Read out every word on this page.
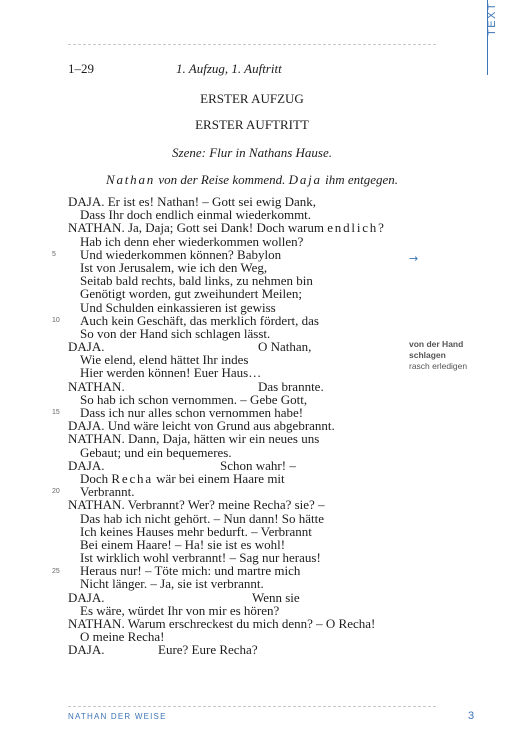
TEXT
1–29	1. Aufzug, 1. Auftritt
ERSTER AUFZUG
ERSTER AUFTRITT
Szene: Flur in Nathans Hause.
Nathan von der Reise kommend. Daja ihm entgegen.
DAJA. Er ist es! Nathan! – Gott sei ewig Dank,
Dass Ihr doch endlich einmal wiederkommt.
NATHAN. Ja, Daja; Gott sei Dank! Doch warum endlich?
Hab ich denn eher wiederkommen wollen?
Und wiederkommen können? Babylon
Ist von Jerusalem, wie ich den Weg,
Seitab bald rechts, bald links, zu nehmen bin
Genötigt worden, gut zweihundert Meilen;
Und Schulden einkassieren ist gewiss
Auch kein Geschäft, das merklich fördert, das
So von der Hand sich schlagen lässt.
DAJA.	O Nathan,
Wie elend, elend hättet Ihr indes
Hier werden können! Euer Haus…
NATHAN.	Das brannte.
So hab ich schon vernommen. – Gebe Gott,
Dass ich nur alles schon vernommen habe!
DAJA. Und wäre leicht von Grund aus abgebrannt.
NATHAN. Dann, Daja, hätten wir ein neues uns
Gebaut; und ein bequemeres.
DAJA.	Schon wahr! –
Doch Recha wär bei einem Haare mit
Verbrannt.
NATHAN. Verbrannt? Wer? meine Recha? sie? –
Das hab ich nicht gehört. – Nun dann! So hätte
Ich keines Hauses mehr bedurft. – Verbrannt
Bei einem Haare! – Ha! sie ist es wohl!
Ist wirklich wohl verbrannt! – Sag nur heraus!
Heraus nur! – Töte mich: und martre mich
Nicht länger. – Ja, sie ist verbrannt.
DAJA.	Wenn sie
Es wäre, würdet Ihr von mir es hören?
NATHAN. Warum erschreckest du mich denn? – O Recha!
O meine Recha!
DAJA.	Eure? Eure Recha?
→
von der Hand schlagen
rasch erledigen
NATHAN DER WEISE	3
5
10
15
20
25
